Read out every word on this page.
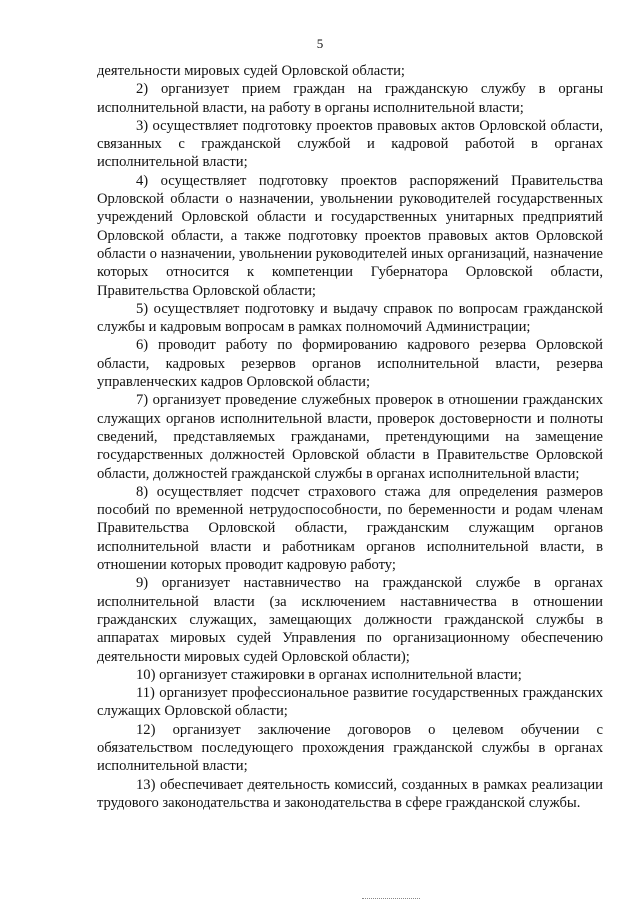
5

деятельности мировых судей Орловской области;

2) организует прием граждан на гражданскую службу в органы исполнительной власти, на работу в органы исполнительной власти;

3) осуществляет подготовку проектов правовых актов Орловской области, связанных с гражданской службой и кадровой работой в органах исполнительной власти;

4) осуществляет подготовку проектов распоряжений Правительства Орловской области о назначении, увольнении руководителей государственных учреждений Орловской области и государственных унитарных предприятий Орловской области, а также подготовку проектов правовых актов Орловской области о назначении, увольнении руководителей иных организаций, назначение которых относится к компетенции Губернатора Орловской области, Правительства Орловской области;

5) осуществляет подготовку и выдачу справок по вопросам гражданской службы и кадровым вопросам в рамках полномочий Администрации;

6) проводит работу по формированию кадрового резерва Орловской области, кадровых резервов органов исполнительной власти, резерва управленческих кадров Орловской области;

7) организует проведение служебных проверок в отношении гражданских служащих органов исполнительной власти, проверок достоверности и полноты сведений, представляемых гражданами, претендующими на замещение государственных должностей Орловской области в Правительстве Орловской области, должностей гражданской службы в органах исполнительной власти;

8) осуществляет подсчет страхового стажа для определения размеров пособий по временной нетрудоспособности, по беременности и родам членам Правительства Орловской области, гражданским служащим органов исполнительной власти и работникам органов исполнительной власти, в отношении которых проводит кадровую работу;

9) организует наставничество на гражданской службе в органах исполнительной власти (за исключением наставничества в отношении гражданских служащих, замещающих должности гражданской службы в аппаратах мировых судей Управления по организационному обеспечению деятельности мировых судей Орловской области);

10) организует стажировки в органах исполнительной власти;

11) организует профессиональное развитие государственных гражданских служащих Орловской области;

12) организует заключение договоров о целевом обучении с обязательством последующего прохождения гражданской службы в органах исполнительной власти;

13) обеспечивает деятельность комиссий, созданных в рамках реализации трудового законодательства и законодательства в сфере гражданской службы.
